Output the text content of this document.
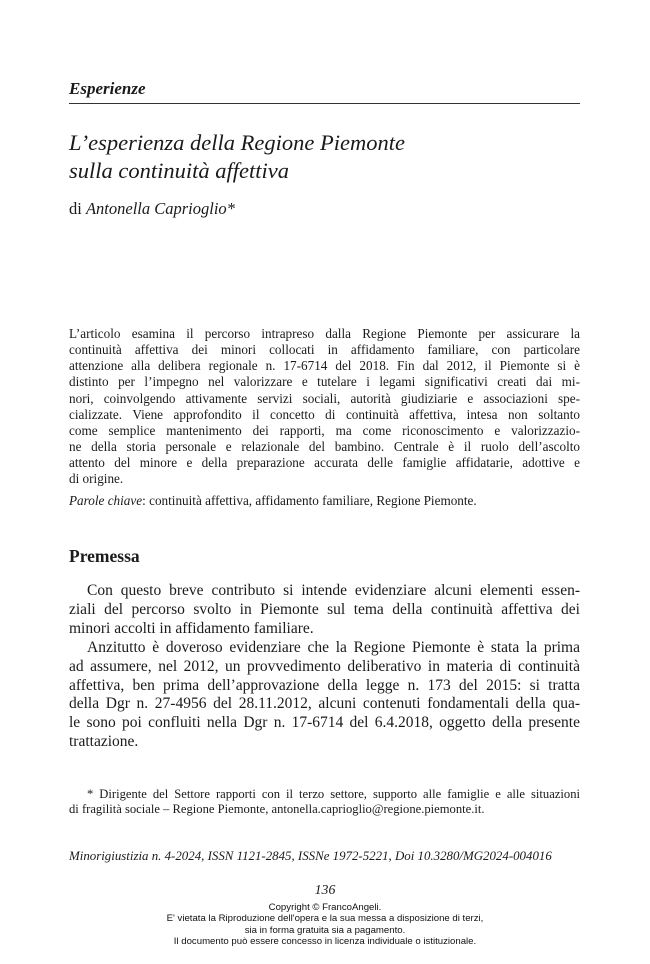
Esperienze
L’esperienza della Regione Piemonte
sulla continuità affettiva
di Antonella Caprioglio*
L’articolo esamina il percorso intrapreso dalla Regione Piemonte per assicurare la
continuità affettiva dei minori collocati in affidamento familiare, con particolare
attenzione alla delibera regionale n. 17-6714 del 2018. Fin dal 2012, il Piemonte si è
distinto per l’impegno nel valorizzare e tutelare i legami significativi creati dai mi-
nori, coinvolgendo attivamente servizi sociali, autorità giudiziarie e associazioni spe-
cializzate. Viene approfondito il concetto di continuità affettiva, intesa non soltanto
come semplice mantenimento dei rapporti, ma come riconoscimento e valorizzazio-
ne della storia personale e relazionale del bambino. Centrale è il ruolo dell’ascolto
attento del minore e della preparazione accurata delle famiglie affidatarie, adottive e
di origine.
Parole chiave: continuità affettiva, affidamento familiare, Regione Piemonte.
Premessa
Con questo breve contributo si intende evidenziare alcuni elementi essen-
ziali del percorso svolto in Piemonte sul tema della continuità affettiva dei
minori accolti in affidamento familiare.
Anzitutto è doveroso evidenziare che la Regione Piemonte è stata la prima
ad assumere, nel 2012, un provvedimento deliberativo in materia di continuità
affettiva, ben prima dell’approvazione della legge n. 173 del 2015: si tratta
della Dgr n. 27-4956 del 28.11.2012, alcuni contenuti fondamentali della qua-
le sono poi confluiti nella Dgr n. 17-6714 del 6.4.2018, oggetto della presente
trattazione.
* Dirigente del Settore rapporti con il terzo settore, supporto alle famiglie e alle situazioni
di fragilità sociale – Regione Piemonte, antonella.caprioglio@regione.piemonte.it.
Minorigiustizia n. 4-2024, ISSN 1121-2845, ISSNe 1972-5221, Doi 10.3280/MG2024-004016
136
Copyright © FrancoAngeli.
E' vietata la Riproduzione dell'opera e la sua messa a disposizione di terzi,
sia in forma gratuita sia a pagamento.
Il documento può essere concesso in licenza individuale o istituzionale.
